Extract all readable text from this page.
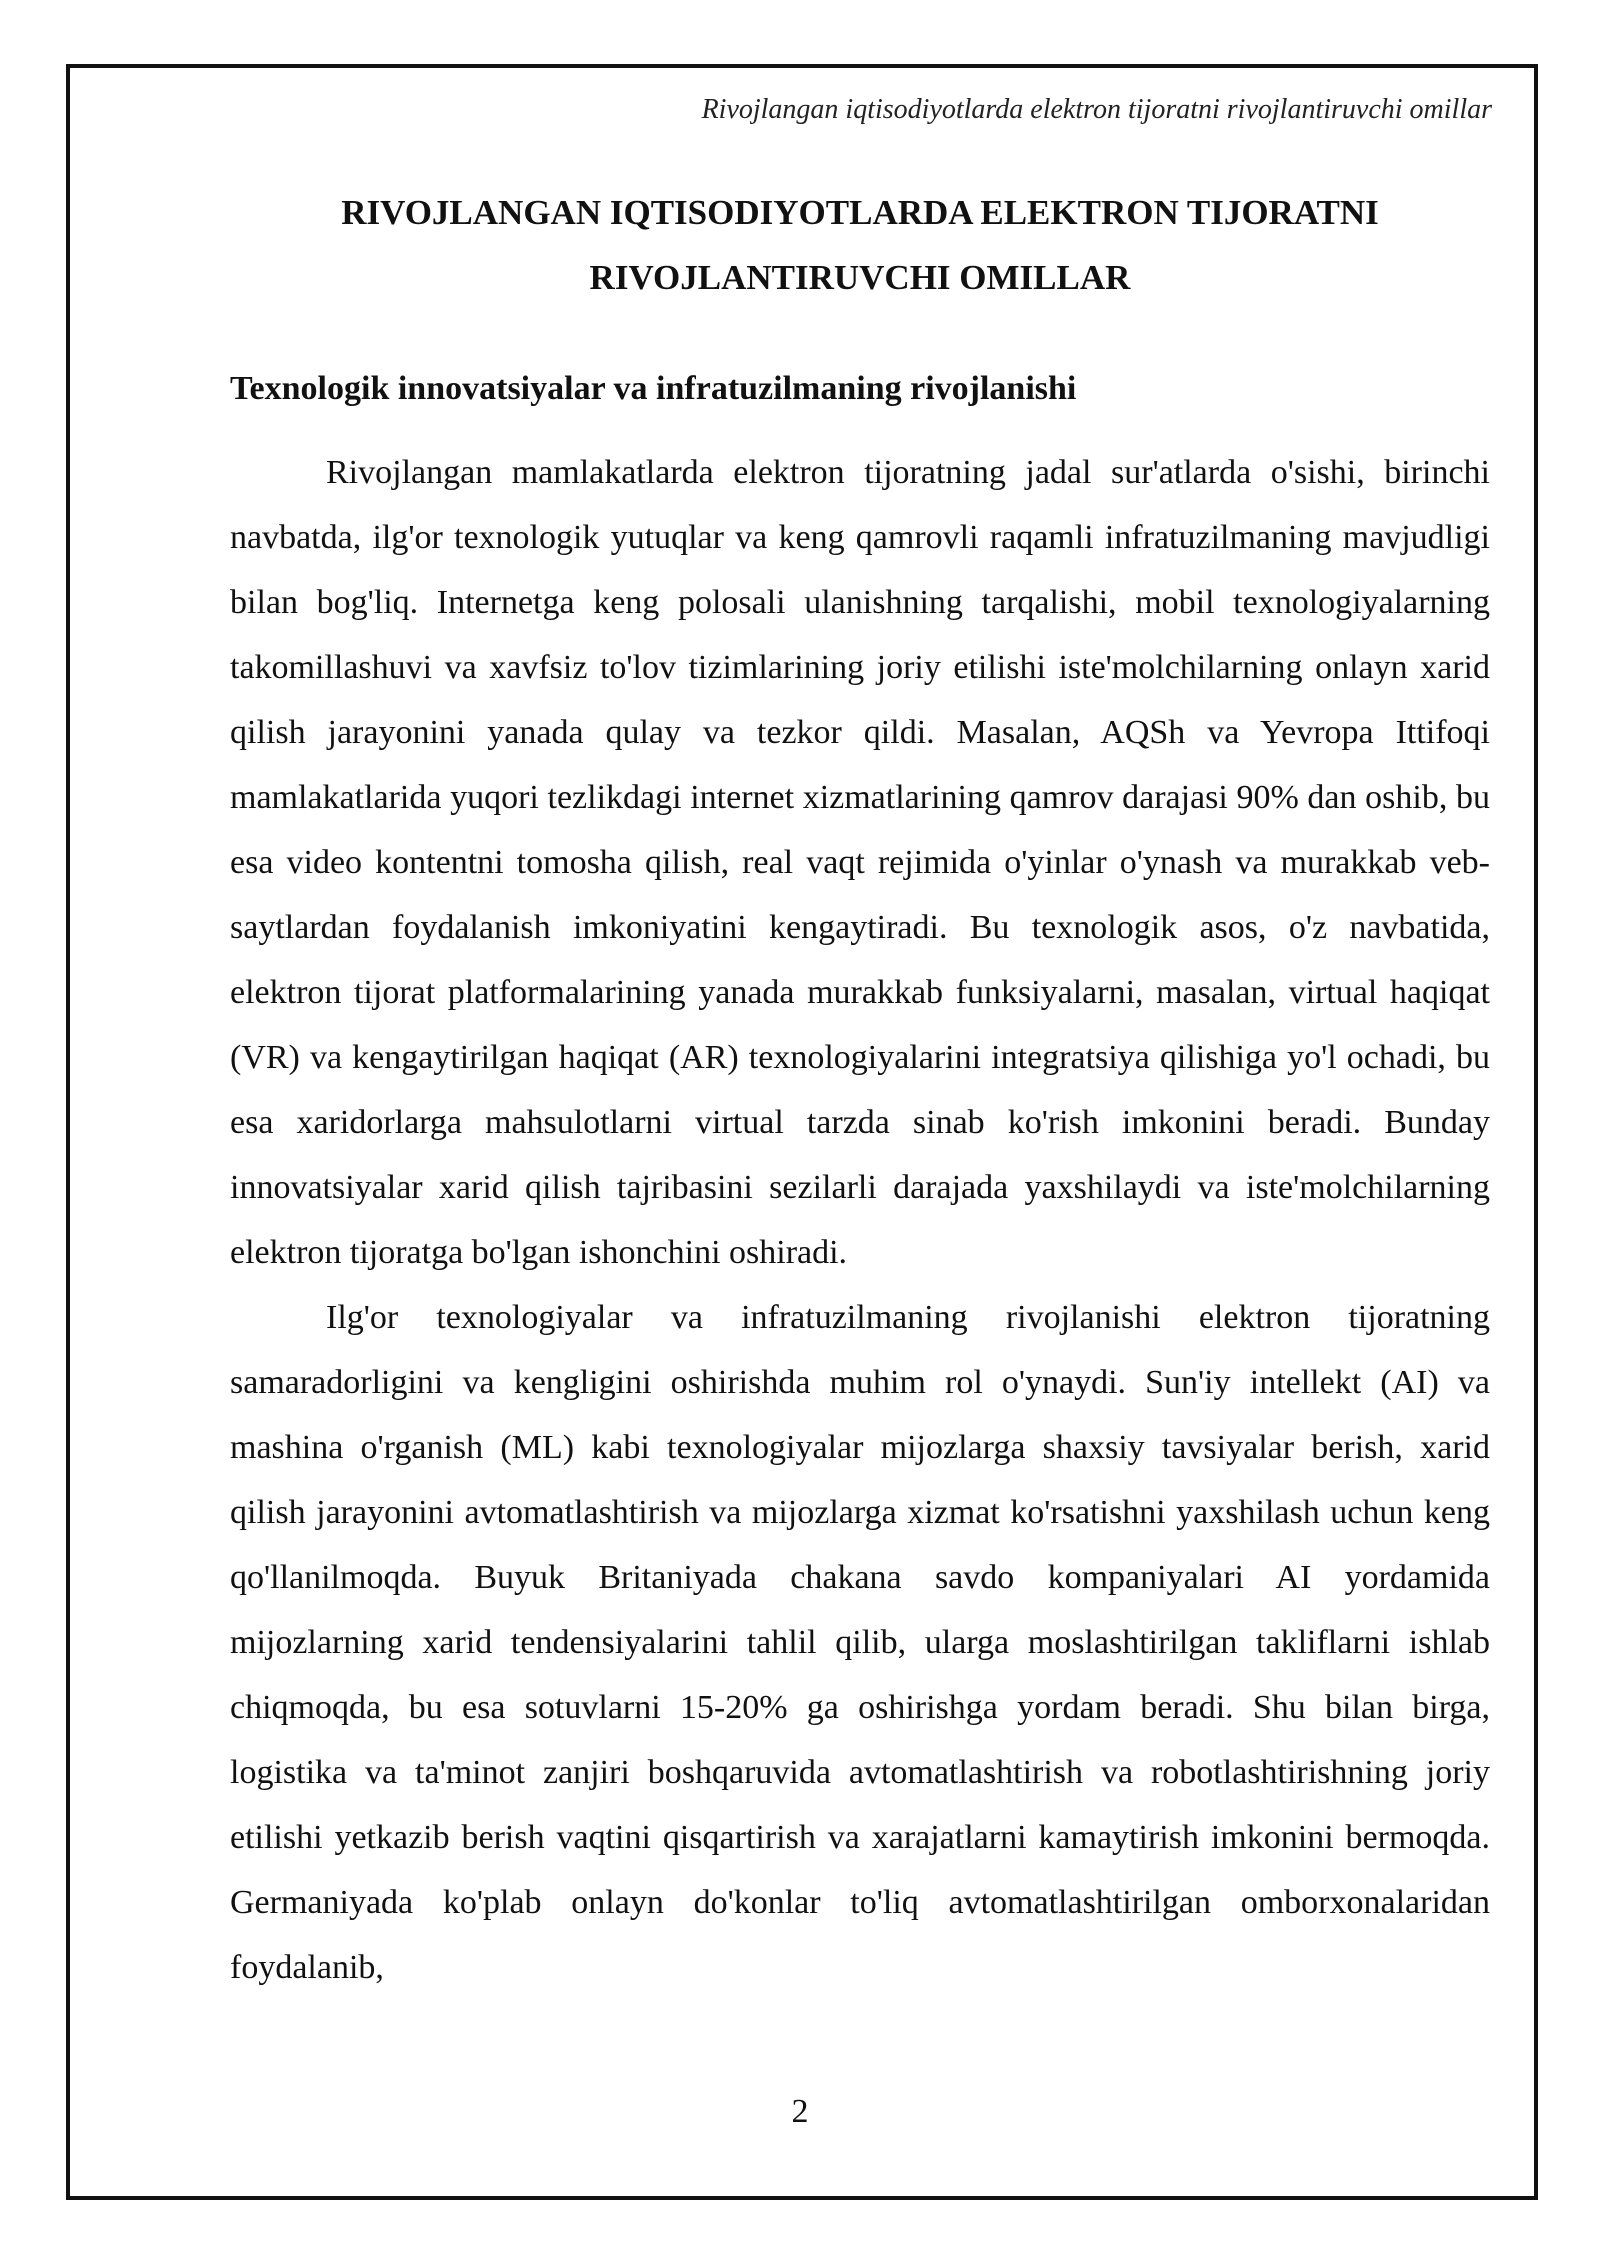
Rivojlangan iqtisodiyotlarda elektron tijoratni rivojlantiruvchi omillar
RIVOJLANGAN IQTISODIYOTLARDA ELEKTRON TIJORATNI
RIVOJLANTIRUVCHI OMILLAR
Texnologik innovatsiyalar va infratuzilmaning rivojlanishi

Rivojlangan mamlakatlarda elektron tijoratning jadal sur'atlarda o'sishi, birinchi navbatda, ilg'or texnologik yutuqlar va keng qamrovli raqamli infratuzilmaning mavjudligi bilan bog'liq. Internetga keng polosali ulanishning tarqalishi, mobil texnologiyalarning takomillashuvi va xavfsiz to'lov tizimlarining joriy etilishi iste'molchilarning onlayn xarid qilish jarayonini yanada qulay va tezkor qildi. Masalan, AQSh va Yevropa Ittifoqi mamlakatlarida yuqori tezlikdagi internet xizmatlarining qamrov darajasi 90% dan oshib, bu esa video kontentni tomosha qilish, real vaqt rejimida o'yinlar o'ynash va murakkab veb-saytlardan foydalanish imkoniyatini kengaytiradi. Bu texnologik asos, o'z navbatida, elektron tijorat platformalarining yanada murakkab funksiyalarni, masalan, virtual haqiqat (VR) va kengaytirilgan haqiqat (AR) texnologiyalarini integratsiya qilishiga yo'l ochadi, bu esa xaridorlarga mahsulotlarni virtual tarzda sinab ko'rish imkonini beradi. Bunday innovatsiyalar xarid qilish tajribasini sezilarli darajada yaxshilaydi va iste'molchilarning elektron tijoratga bo'lgan ishonchini oshiradi.

Ilg'or texnologiyalar va infratuzilmaning rivojlanishi elektron tijoratning samaradorligini va kengligini oshirishda muhim rol o'ynaydi. Sun'iy intellekt (AI) va mashina o'rganish (ML) kabi texnologiyalar mijozlarga shaxsiy tavsiyalar berish, xarid qilish jarayonini avtomatlashtirish va mijozlarga xizmat ko'rsatishni yaxshilash uchun keng qo'llanilmoqda. Buyuk Britaniyada chakana savdo kompaniyalari AI yordamida mijozlarning xarid tendensiyalarini tahlil qilib, ularga moslashtirilgan takliflarni ishlab chiqmoqda, bu esa sotuvlarni 15-20% ga oshirishga yordam beradi. Shu bilan birga, logistika va ta'minot zanjiri boshqaruvida avtomatlashtirish va robotlashtirishning joriy etilishi yetkazib berish vaqtini qisqartirish va xarajatlarni kamaytirish imkonini bermoqda. Germaniyada ko'plab onlayn do'konlar to'liq avtomatlashtirilgan omborxonalaridan foydalanib,

2
